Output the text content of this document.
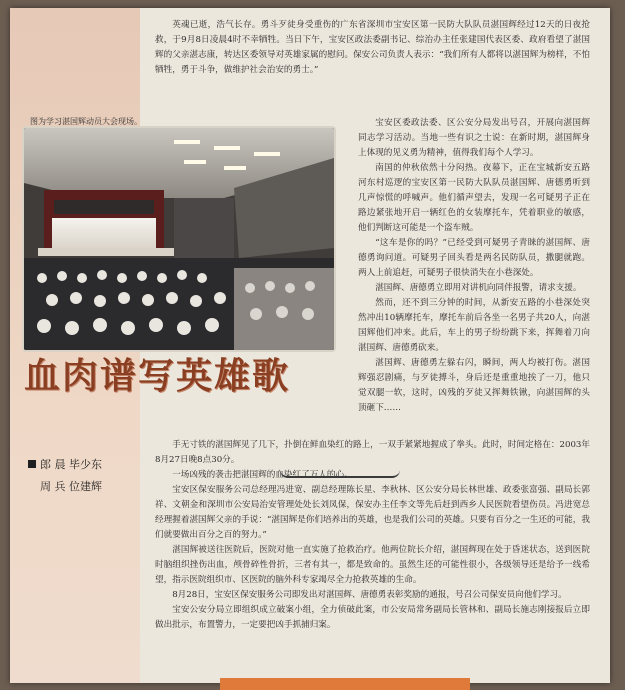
英魂已逝，浩气长存。勇斗歹徒身受重伤的广东省深圳市宝安区第一民防大队队员湛国辉经过12天的日夜抢救，于9月8日凌晨4时不幸牺牲。当日下午，宝安区政法委副书记、综治办主任张建国代表区委、政府看望了湛国辉的父亲湛志康，转达区委领导对英雄家属的慰问。保安公司负责人表示：“我们所有人都将以湛国辉为榜样，不怕牺牲，勇于斗争，做维护社会治安的勇士。”

图为学习湛国辉动员大会现场。	宝安区委政法委、区公安分局发出号召，开展向湛国辉同志学习活动。当地一些有识之士说：在新时期，湛国辉身上体现的见义勇为精神，值得我们每个人学习。

南国的仲秋依然十分闷热。夜幕下，正在宝城新安五路河东村巡逻的宝安区第一民防大队队员湛国辉、唐德勇听到几声惊慌的呼喊声。他们循声望去，发现一名可疑男子正在路边紧张地开启一辆红色的女装摩托车，凭着职业的敏感，他们判断这可能是一个盗车贼。

“这车是你的吗？”已经受到可疑男子青睐的湛国辉、唐德勇询问道。可疑男子回头看是两名民防队员，撒腿就跑。两人上前追赶，可疑男子很快消失在小巷深处。

湛国辉、唐德勇立即用对讲机向同伴报警，请求支援。

然而，还不到三分钟的时间，从新安五路的小巷深处突然冲出10辆摩托车，摩托车前后各坐一名男子共20人，向湛国辉他们冲来。此后，车上的男子纷纷跳下来，挥舞着刀向湛国辉、唐德勇砍来。

湛国辉、唐德勇左躲右闪，瞬间，两人均被打伤。湛国辉强忍剧痛，与歹徒搏斗，身后还是重重地挨了一刀，他只觉双腿一软，这时，凶残的歹徒又挥舞铁锹，向湛国辉的头顶砸下……

血肉谱写英雄歌
郎 晨 毕少东
周 兵 位建辉

手无寸铁的湛国辉见了几下，扑倒在鲜血染红的路上，一双手紧紧地握成了拳头。此时，时间定格在：2003年8月27日晚8点30分。

一场凶残的袭击把湛国辉的血染红了万人的心。

宝安区保安服务公司总经理冯进宽、副总经理陈长星、李秋林、区公安分局长林世雄、政委张富强、副局长郭祥、文朝金和深圳市公安局治安管理处处长刘凤保，保安办主任李文等先后赶到西乡人民医院看望伤员。冯进宽总经理握着湛国辉父亲的手说：“湛国辉是你们培养出的英雄，也是我们公司的英雄。只要有百分之一生还的可能，我们就要做出百分之百的努力。”

湛国辉被送往医院后，医院对他一直实施了抢救治疗。他两位院长介绍，湛国辉现在处于昏迷状态，送到医院时脑组织挫伤出血，颅骨碎性骨折，三者有其一，都是致命的。虽然生还的可能性很小，各级领导还是给予一线希望，指示医院组织市、区医院的脑外科专家竭尽全力抢救英雄的生命。

8月28日，宝安区保安服务公司即发出对湛国辉、唐德勇表彰奖励的通报，号召公司保安员向他们学习。

宝安公安分局立即组织成立破案小组，全力侦破此案，市公安局常务副局长管林和、副局长施志刚接报后立即做出批示，布置警力，一定要把凶手抓捕归案。
